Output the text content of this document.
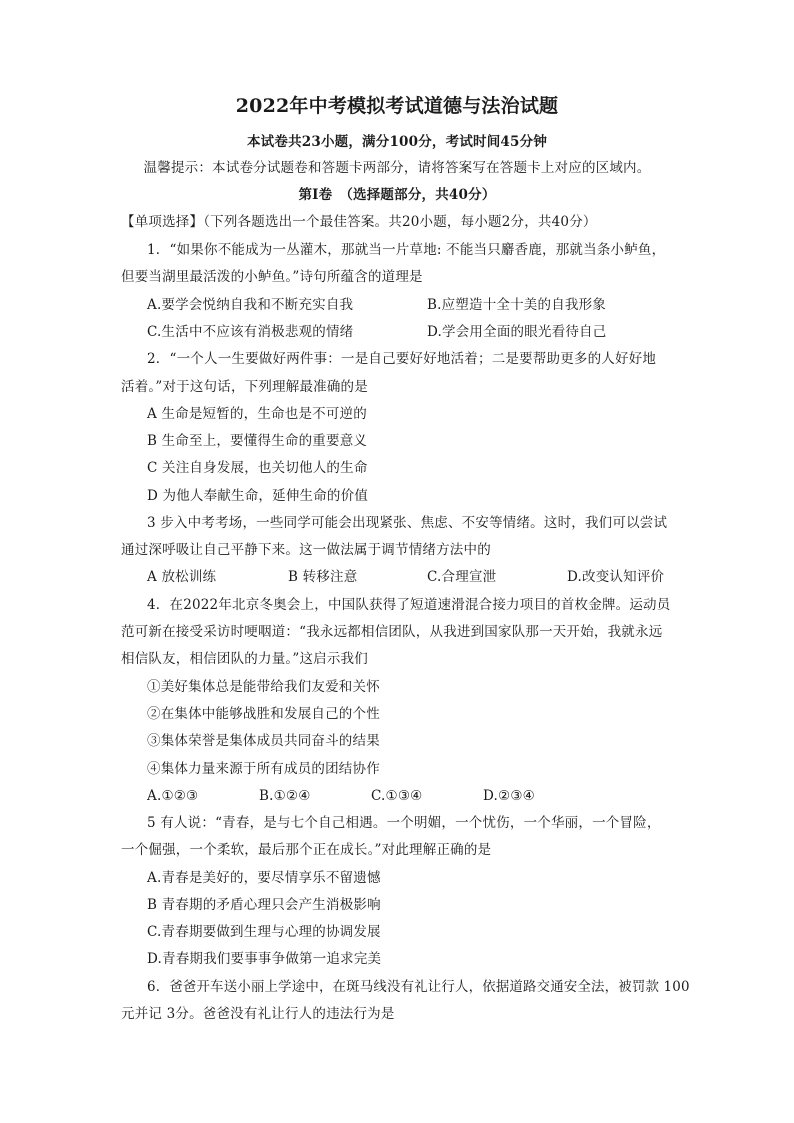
2022年中考模拟考试道德与法治试题
本试卷共23小题，满分100分，考试时间45分钟
温馨提示：本试卷分试题卷和答题卡两部分，请将答案写在答题卡上对应的区域内。
第Ⅰ卷　（选择题部分，共40分）
【单项选择】（下列各题选出一个最佳答案。共20小题，每小题2分，共40分）
1．“如果你不能成为一丛灌木，那就当一片草地: 不能当只麝香鹿，那就当条小鲈鱼，
但要当湖里最活泼的小鲈鱼。”诗句所蕴含的道理是
A.要学会悦纳自我和不断充实自我	B.应塑造十全十美的自我形象
C.生活中不应该有消极悲观的情绪	D.学会用全面的眼光看待自己
2．“一个人一生要做好两件事：一是自己要好好地活着；二是要帮助更多的人好好地
活着。”对于这句话，下列理解最准确的是
A 生命是短暂的，生命也是不可逆的
B 生命至上，要懂得生命的重要意义
C 关注自身发展，也关切他人的生命
D 为他人奉献生命，延伸生命的价值
3 步入中考考场，一些同学可能会出现紧张、焦虑、不安等情绪。这时，我们可以尝试
通过深呼吸让自己平静下来。这一做法属于调节情绪方法中的
A 放松训练	B 转移注意	C.合理宣泄	D.改变认知评价
4．在2022年北京冬奥会上，中国队获得了短道速滑混合接力项目的首枚金牌。运动员
范可新在接受采访时哽咽道：“我永远都相信团队，从我进到国家队那一天开始，我就永远
相信队友，相信团队的力量。”这启示我们
①美好集体总是能带给我们友爱和关怀
②在集体中能够战胜和发展自己的个性
③集体荣誉是集体成员共同奋斗的结果
④集体力量来源于所有成员的团结协作
A.①②③	B.①②④	C.①③④	D.②③④
5 有人说：“青春，是与七个自己相遇。一个明媚，一个忧伤，一个华丽，一个冒险，
一个倔强，一个柔软，最后那个正在成长。”对此理解正确的是
A.青春是美好的，要尽情享乐不留遗憾
B 青春期的矛盾心理只会产生消极影响
C.青春期要做到生理与心理的协调发展
D.青春期我们要事事争做第一追求完美
6．爸爸开车送小丽上学途中，在斑马线没有礼让行人，依据道路交通安全法，被罚款 100
元并记 3分。爸爸没有礼让行人的违法行为是
